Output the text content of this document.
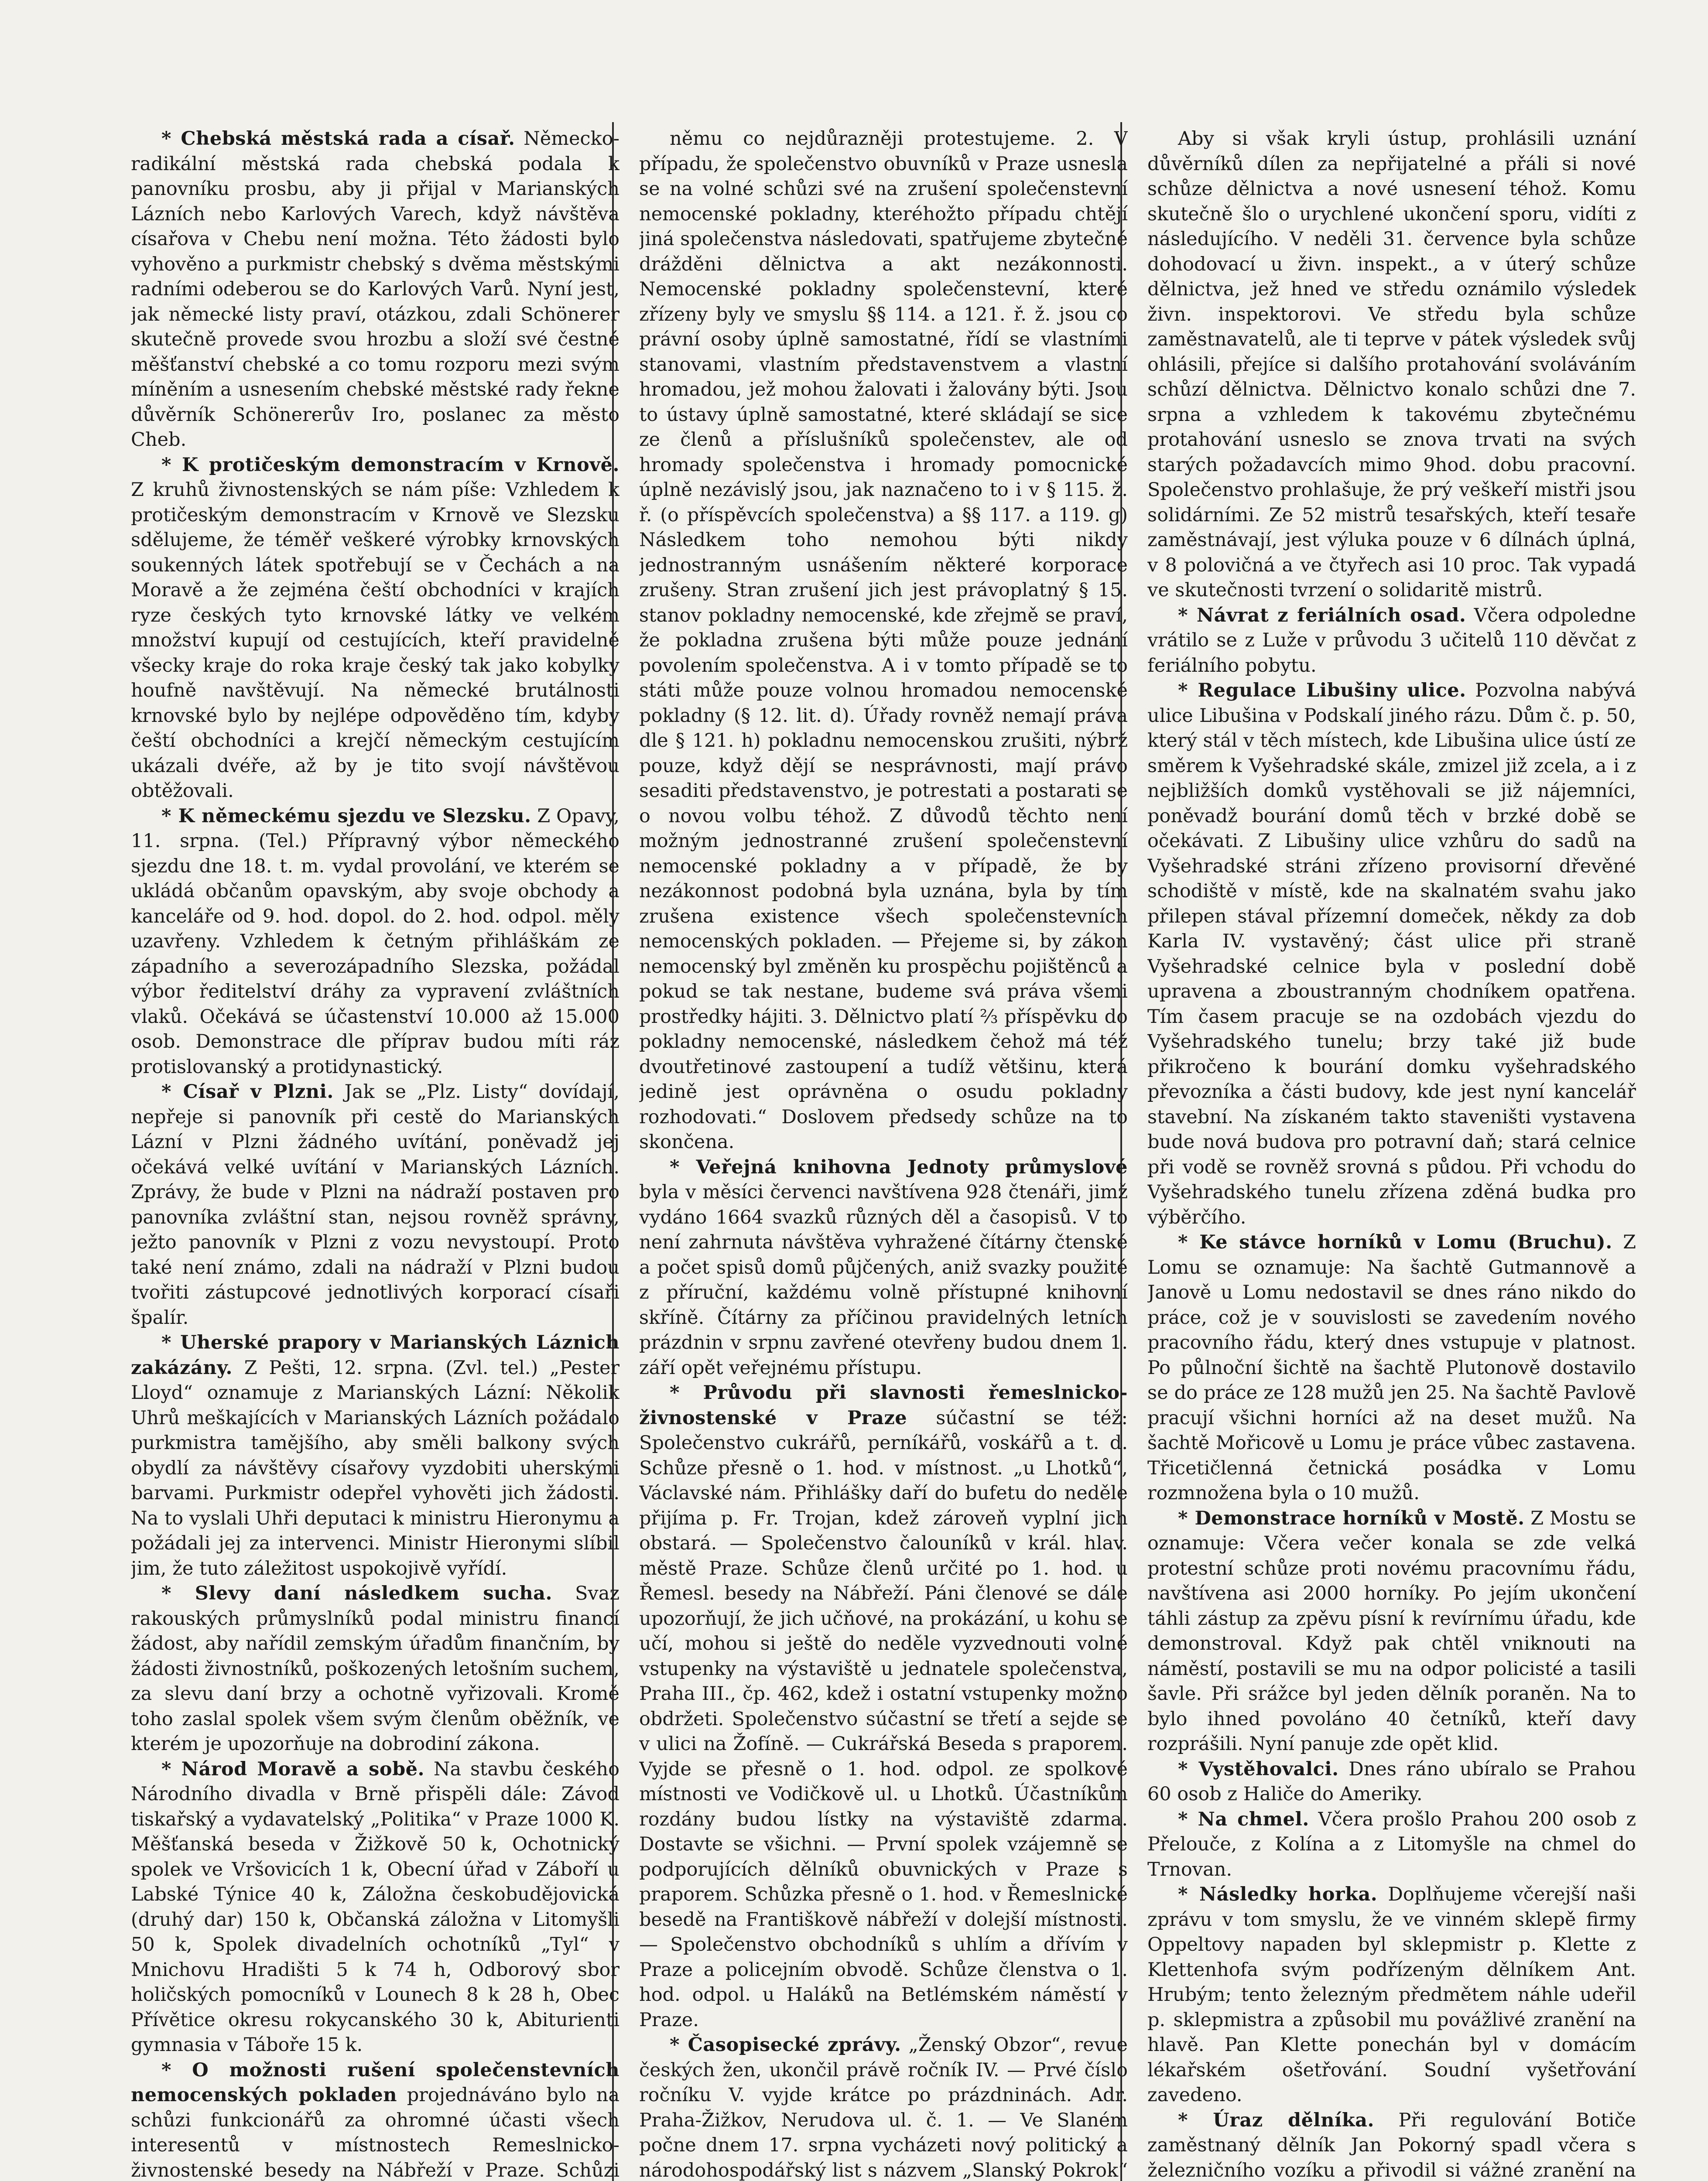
* Chebská městská rada a císař. Německo-radikální městská rada chebská podala k panovníku prosbu, aby ji přijal v Marianských Lázních nebo Karlových Varech, když návštěva císařova v Chebu není možna. Této žádosti bylo vyhověno a purkmistr chebský s dvěma městskými radními odeberou se do Karlových Varů. Nyní jest, jak německé listy praví, otázkou, zdali Schönerer skutečně provede svou hrozbu a složí své čestné měšťanství chebské a co tomu rozporu mezi svým míněním a usnesením chebské městské rady řekne důvěrník Schönererův Iro, poslanec za město Cheb.

* K protičeským demonstracím v Krnově. Z kruhů živnostenských se nám píše: Vzhledem k protičeským demonstracím v Krnově ve Slezsku sdělujeme, že téměř veškeré výrobky krnovských soukenných látek spotřebují se v Čechách a na Moravě a že zejména čeští obchodníci v krajích ryze českých tyto krnovské látky ve velkém množství kupují od cestujících, kteří pravidelně všecky kraje do roka kraje český tak jako kobylky houfně navštěvují. Na německé brutálnosti krnovské bylo by nejlépe odpověděno tím, kdyby čeští obchodníci a krejčí německým cestujícím ukázali dvéře, až by je tito svojí návštěvou obtěžovali.

* K německému sjezdu ve Slezsku. Z Opavy, 11. srpna. (Tel.) Přípravný výbor německého sjezdu dne 18. t. m. vydal provolání, ve kterém se ukládá občanům opavským, aby svoje obchody a kanceláře od 9. hod. dopol. do 2. hod. odpol. měly uzavřeny. Vzhledem k četným přihláškám ze západního a severozápadního Slezska, požádal výbor ředitelství dráhy za vypravení zvláštních vlaků. Očekává se účastenství 10.000 až 15.000 osob. Demonstrace dle příprav budou míti ráz protislovanský a protidynastický.

* Císař v Plzni. Jak se „Plz. Listy“ dovídají, nepřeje si panovník při cestě do Marianských Lázní v Plzni žádného uvítání, poněvadž jej očekává velké uvítání v Marianských Lázních. Zprávy, že bude v Plzni na nádraží postaven pro panovníka zvláštní stan, nejsou rovněž správny, ježto panovník v Plzni z vozu nevystoupí. Proto také není známo, zdali na nádraží v Plzni budou tvořiti zástupcové jednotlivých korporací císaři špalír.

* Uherské prapory v Marianských Láznich zakázány. Z Pešti, 12. srpna. (Zvl. tel.) „Pester Lloyd“ oznamuje z Marianských Lázní: Několik Uhrů meškajících v Marianských Lázních požádalo purkmistra tamějšího, aby směli balkony svých obydlí za návštěvy císařovy vyzdobiti uherskými barvami. Purkmistr odepřel vyhověti jich žádosti. Na to vyslali Uhři deputaci k ministru Hieronymu a požádali jej za intervenci. Ministr Hieronymi slíbil jim, že tuto záležitost uspokojivě vyřídí.

* Slevy daní následkem sucha. Svaz rakouských průmyslníků podal ministru financí žádost, aby nařídil zemským úřadům finančním, by žádosti živnostníků, poškozených letošním suchem, za slevu daní brzy a ochotně vyřizovali. Kromě toho zaslal spolek všem svým členům oběžník, ve kterém je upozorňuje na dobrodiní zákona.

* Národ Moravě a sobě. Na stavbu českého Národního divadla v Brně přispěli dále: Závod tiskařský a vydavatelský „Politika“ v Praze 1000 K. Měšťanská beseda v Žižkově 50 k, Ochotnický spolek ve Vršovicích 1 k, Obecní úřad v Záboří u Labské Týnice 40 k, Záložna českobudějovická (druhý dar) 150 k, Občanská záložna v Litomyšli 50 k, Spolek divadelních ochotníků „Tyl“ v Mnichovu Hradišti 5 k 74 h, Odborový sbor holičských pomocníků v Lounech 8 k 28 h, Obec Přívětice okresu rokycanského 30 k, Abiturienti gymnasia v Táboře 15 k.

* O možnosti rušení společenstevních nemocenských pokladen projednáváno bylo na schůzi funkcionářů za ohromné účasti všech interesentů v místnostech Remeslnicko-živnostenské besedy na Nábřeží v Praze. Schůzi

němu co nejdůrazněji protestujeme. 2. V případu, že společenstvo obuvníků v Praze usnesla se na volné schůzi své na zrušení společenstevní nemocenské pokladny, kteréhožto případu chtějí jiná společenstva následovati, spatřujeme zbytečné drážděni dělnictva a akt nezákonnosti. Nemocenské pokladny společenstevní, které zřízeny byly ve smyslu §§ 114. a 121. ř. ž. jsou co právní osoby úplně samostatné, řídí se vlastními stanovami, vlastním představenstvem a vlastní hromadou, jež mohou žalovati i žalovány býti. Jsou to ústavy úplně samostatné, které skládají se sice ze členů a příslušníků společenstev, ale od hromady společenstva i hromady pomocnické úplně nezávislý jsou, jak naznačeno to i v § 115. ž. ř. (o příspěvcích společenstva) a §§ 117. a 119. g) Následkem toho nemohou býti nikdy jednostranným usnášením některé korporace zrušeny. Stran zrušení jich jest právoplatný § 15. stanov pokladny nemocenské, kde zřejmě se praví, že pokladna zrušena býti může pouze jednání povolením společenstva. A i v tomto případě se to státi může pouze volnou hromadou nemocenské pokladny (§ 12. lit. d). Úřady rovněž nemají práva dle § 121. h) pokladnu nemocenskou zrušiti, nýbrž pouze, když dějí se nesprávnosti, mají právo sesaditi představenstvo, je potrestati a postarati se o novou volbu téhož. Z důvodů těchto není možným jednostranné zrušení společenstevní nemocenské pokladny a v případě, že by nezákonnost podobná byla uznána, byla by tím zrušena existence všech společenstevních nemocenských pokladen. — Přejeme si, by zákon nemocenský byl změněn ku prospěchu pojištěnců a pokud se tak nestane, budeme svá práva všemi prostředky hájiti. 3. Dělnictvo platí ⅔ příspěvku do pokladny nemocenské, následkem čehož má též dvoutřetinové zastoupení a tudíž většinu, která jedině jest oprávněna o osudu pokladny rozhodovati.“ Doslovem předsedy schůze na to skončena.

* Veřejná knihovna Jednoty průmyslové byla v měsíci červenci navštívena 928 čtenáři, jimž vydáno 1664 svazků různých děl a časopisů. V to není zahrnuta návštěva vyhražené čítárny čtenské a počet spisů domů půjčených, aniž svazky použité z příruční, každému volně přístupné knihovní skříně. Čítárny za příčinou pravidelných letních prázdnin v srpnu zavřené otevřeny budou dnem 1. září opět veřejnému přístupu.

* Průvodu při slavnosti řemeslnicko-živnostenské v Praze súčastní se též: Společenstvo cukrářů, perníkářů, voskářů a t. d. Schůze přesně o 1. hod. v místnost. „u Lhotků“, Václavské nám. Přihlášky daří do bufetu do neděle přijíma p. Fr. Trojan, kdež zároveň vyplní jich obstará. — Společenstvo čalouníků v král. hlav. městě Praze. Schůze členů určité po 1. hod. u Řemesl. besedy na Nábřeží. Páni členové se dále upozorňují, že jich učňové, na prokázání, u kohu se učí, mohou si ještě do neděle vyzvednouti volné vstupenky na výstaviště u jednatele společenstva, Praha III., čp. 462, kdež i ostatní vstupenky možno obdržeti. Společenstvo súčastní se třetí a sejde se v ulici na Žofíně. — Cukrářská Beseda s praporem. Vyjde se přesně o 1. hod. odpol. ze spolkové místnosti ve Vodičkově ul. u Lhotků. Účastníkům rozdány budou lístky na výstaviště zdarma. Dostavte se všichni. — První spolek vzájemně se podporujících dělníků obuvnických v Praze s praporem. Schůzka přesně o 1. hod. v Řemeslnické besedě na Františkově nábřeží v dolejší místnosti. — Společenstvo obchodníků s uhlím a dřívím v Praze a policejním obvodě. Schůze členstva o 1. hod. odpol. u Haláků na Betlémském náměstí v Praze.

* Časopisecké zprávy. „Ženský Obzor“, revue českých žen, ukončil právě ročník IV. — Prvé číslo ročníku V. vyjde krátce po prázdninách. Adr. Praha-Žižkov, Nerudova ul. č. 1. — Ve Slaném počne dnem 17. srpna vycházeti nový politický a národohospodářský list s názvem „Slanský Pokrok“

Aby si však kryli ústup, prohlásili uznání důvěrníků dílen za nepřijatelné a přáli si nové schůze dělnictva a nové usnesení téhož. Komu skutečně šlo o urychlené ukončení sporu, vidíti z následujícího. V neděli 31. července byla schůze dohodovací u živn. inspekt., a v úterý schůze dělnictva, jež hned ve středu oznámilo výsledek živn. inspektorovi. Ve středu byla schůze zaměstnavatelů, ale ti teprve v pátek výsledek svůj ohlásili, přejíce si dalšího protahování svoláváním schůzí dělnictva. Dělnictvo konalo schůzi dne 7. srpna a vzhledem k takovému zbytečnému protahování usneslo se znova trvati na svých starých požadavcích mimo 9hod. dobu pracovní. Společenstvo prohlašuje, že prý veškeří mistři jsou solidárními. Ze 52 mistrů tesařských, kteří tesaře zaměstnávají, jest výluka pouze v 6 dílnách úplná, v 8 polovičná a ve čtyřech asi 10 proc. Tak vypadá ve skutečnosti tvrzení o solidaritě mistrů.

* Návrat z feriálních osad. Včera odpoledne vrátilo se z Luže v průvodu 3 učitelů 110 děvčat z feriálního pobytu.

* Regulace Libušiny ulice. Pozvolna nabývá ulice Libušina v Podskalí jiného rázu. Dům č. p. 50, který stál v těch místech, kde Libušina ulice ústí ze směrem k Vyšehradské skále, zmizel již zcela, a i z nejbližších domků vystěhovali se již nájemníci, poněvadž bourání domů těch v brzké době se očekávati. Z Libušiny ulice vzhůru do sadů na Vyšehradské stráni zřízeno provisorní dřevěné schodiště v místě, kde na skalnatém svahu jako přilepen stával přízemní domeček, někdy za dob Karla IV. vystavěný; část ulice při straně Vyšehradské celnice byla v poslední době upravena a zboustranným chodníkem opatřena. Tím časem pracuje se na ozdobách vjezdu do Vyšehradského tunelu; brzy také již bude přikročeno k bourání domku vyšehradského převozníka a části budovy, kde jest nyní kancelář stavební. Na získaném takto staveništi vystavena bude nová budova pro potravní daň; stará celnice při vodě se rovněž srovná s půdou. Při vchodu do Vyšehradského tunelu zřízena zděná budka pro výběrčího.

* Ke stávce horníků v Lomu (Bruchu). Z Lomu se oznamuje: Na šachtě Gutmannově a Janově u Lomu nedostavil se dnes ráno nikdo do práce, což je v souvislosti se zavedením nového pracovního řádu, který dnes vstupuje v platnost. Po půlnoční šichtě na šachtě Plutonově dostavilo se do práce ze 128 mužů jen 25. Na šachtě Pavlově pracují všichni horníci až na deset mužů. Na šachtě Mořicově u Lomu je práce vůbec zastavena. Třicetičlenná četnická posádka v Lomu rozmnožena byla o 10 mužů.

* Demonstrace horníků v Mostě. Z Mostu se oznamuje: Včera večer konala se zde velká protestní schůze proti novému pracovnímu řádu, navštívena asi 2000 horníky. Po jejím ukončení táhli zástup za zpěvu písní k revírnímu úřadu, kde demonstroval. Když pak chtěl vniknouti na náměstí, postavili se mu na odpor policisté a tasili šavle. Při srážce byl jeden dělník poraněn. Na to bylo ihned povoláno 40 četníků, kteří davy rozprášili. Nyní panuje zde opět klid.

* Vystěhovalci. Dnes ráno ubíralo se Prahou 60 osob z Haliče do Ameriky.

* Na chmel. Včera prošlo Prahou 200 osob z Přelouče, z Kolína a z Litomyšle na chmel do Trnovan.

* Následky horka. Doplňujeme včerejší naši zprávu v tom smyslu, že ve vinném sklepě firmy Oppeltovy napaden byl sklepmistr p. Klette z Klettenhofa svým podřízeným dělníkem Ant. Hrubým; tento železným předmětem náhle udeřil p. sklepmistra a způsobil mu povážlivé zranění na hlavě. Pan Klette ponechán byl v domácím lékařském ošetřování. Soudní vyšetřování zavedeno.

* Úraz dělníka. Při regulování Botiče zaměstnaný dělník Jan Pokorný spadl včera s železničního vozíku a přivodil si vážné zranění na
